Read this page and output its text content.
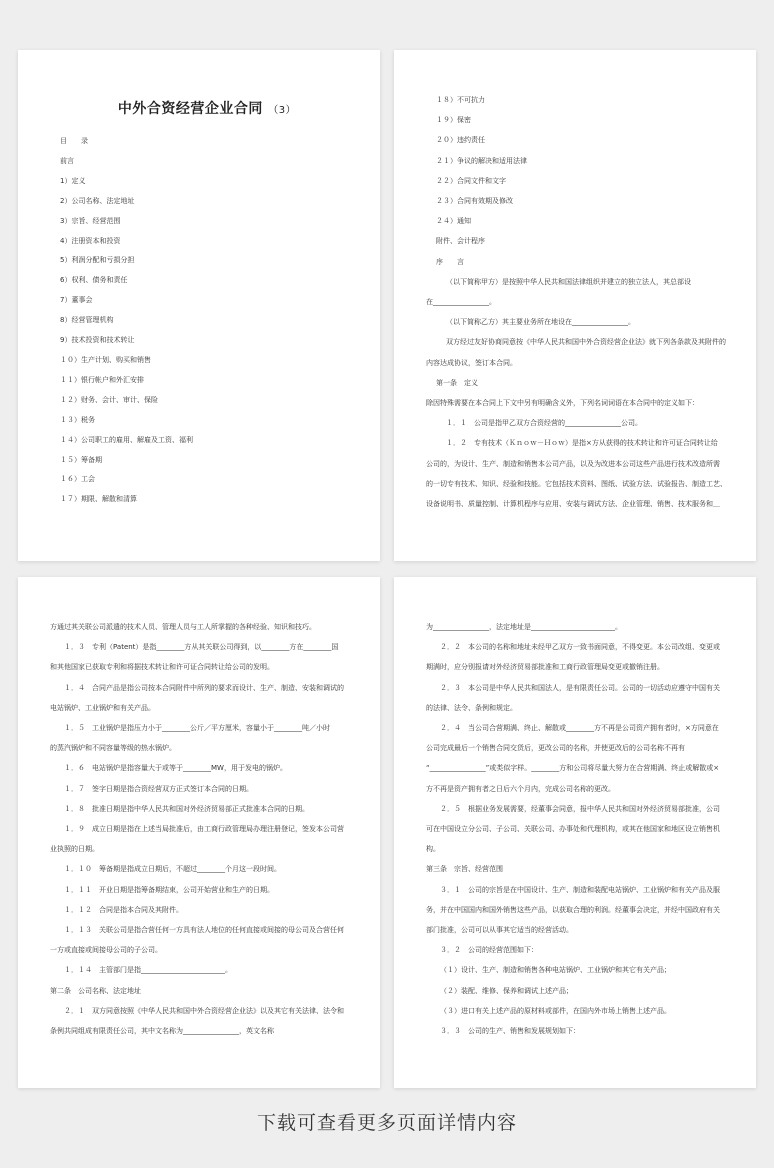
中外合资经营企业合同 （3）
目　　录
前言
1）定义
2）公司名称、法定地址
3）宗旨、经营范围
4）注册资本和投资
5）利润分配和亏损分担
6）权利、债务和责任
7）董事会
8）经营管理机构
9）技术投资和技术转让
１０）生产计划、购买和销售
１１）银行帐户和外汇安排
１２）财务、会计、审计、保险
１３）税务
１４）公司职工的雇用、解雇及工资、福利
１５）筹备期
１６）工会
１７）期限、解散和清算
１８）不可抗力
１９）保密
２０）违约责任
２１）争议的解决和适用法律
２２）合同文件和文字
２３）合同有效期及修改
２４）通知
附件、会计程序
序　　言
（以下简称甲方）是按照中华人民共和国法律组织并建立的独立法人，其总部设
在________________。
（以下简称乙方）其主要业务所在地设在________________。
双方经过友好协商同意按《中华人民共和国中外合资经营企业法》就下列各条款及其附件的
内容达成协议，签订本合同。
第一条　定义
除因特殊需要在本合同上下文中另有明确含义外，下列名词词语在本合同中的定义如下：
１．１　公司是指甲乙双方合资经营的________________公司。
１．２　专有技术（Ｋｎｏｗ－Ｈｏｗ）是指×方从获得的技术转让和许可证合同转让给
公司的，为设计、生产、制造和销售本公司产品，以及为改进本公司这些产品进行技术改造所需
的一切专有技术、知识、经验和技能。它包括技术资料、图纸、试验方法、试验报告、制造工艺、
设备说明书、质量控制、计算机程序与应用、安装与调试方法、企业管理、销售、技术服务和＿
方通过其关联公司派遣的技术人员、管理人员与工人所掌握的各种经验、知识和技巧。
１．３　专利（Patent）是指________方从其关联公司得到，以________方在________国
和其他国家已获取专利和将据技术转让和许可证合同转让给公司的发明。
１．４　合同产品是指公司按本合同附件中所列的要求而设计、生产、制造、安装和调试的
电站锅炉、工业锅炉和有关产品。
１．５　工业锅炉是指压力小于________公斤／平方厘米，容量小于________吨／小时
的蒸汽锅炉和不同容量等级的热水锅炉。
１．６　电站锅炉是指容量大于或等于________MW，用于发电的锅炉。
１．７　签字日期是指合资经营双方正式签订本合同的日期。
１．８　批准日期是指中华人民共和国对外经济贸易部正式批准本合同的日期。
１．９　成立日期是指在上述当局批准后，由工商行政管理局办理注册登记，签发本公司营
业执照的日期。
１．１０　筹备期是指成立日期后，不超过________个月这一段时间。
１．１１　开业日期是指筹备期结束，公司开始营业和生产的日期。
１．１２　合同是指本合同及其附件。
１．１３　关联公司是指合营任何一方具有法人地位的任何直接或间接的母公司及合营任何
一方或直接或间接母公司的子公司。
１．１４　主管部门是指________________________。
第二条　公司名称、法定地址
２．１　双方同意按照《中华人民共和国中外合资经营企业法》以及其它有关法律、法令和
条例共同组成有限责任公司，其中文名称为________________，英文名称
为________________，法定地址是________________________。
２．２　本公司的名称和地址未经甲乙双方一致书面同意，不得变更。本公司改组、变更或
期满时，应分别报请对外经济贸易部批准和工商行政管理局变更或撤销注册。
２．３　本公司是中华人民共和国法人，是有限责任公司。公司的一切活动应遵守中国有关
的法律、法令、条例和规定。
２．４　当公司合营期满、终止、解散或________方不再是公司资产拥有者时，×方同意在
公司完成最后一个销售合同交货后，更改公司的名称，并使更改后的公司名称不再有
“________________”或类似字样。________方和公司将尽量大努力在合营期满、终止或解散或×
方不再是资产拥有者之日后六个月内，完成公司名称的更改。
２．５　根据业务发展需要，经董事会同意，报中华人民共和国对外经济贸易部批准，公司
可在中国设立分公司、子公司、关联公司、办事处和代理机构，或其在他国家和地区设立销售机
构。
第三条　宗旨、经营范围
３．１　公司的宗旨是在中国设计、生产、制造和装配电站锅炉、工业锅炉和有关产品及服
务，并在中国国内和国外销售这些产品，以获取合理的利润。经董事会决定，并经中国政府有关
部门批准，公司可以从事其它适当的经营活动。
３．２　公司的经营范围如下：
（１）设计、生产、制造和销售各种电站锅炉、工业锅炉和其它有关产品；
（２）装配、维修、保养和调试上述产品；
（３）进口有关上述产品的原材料或部件，在国内外市场上销售上述产品。
３．３　公司的生产、销售和发展规划如下：
下载可查看更多页面详情内容
